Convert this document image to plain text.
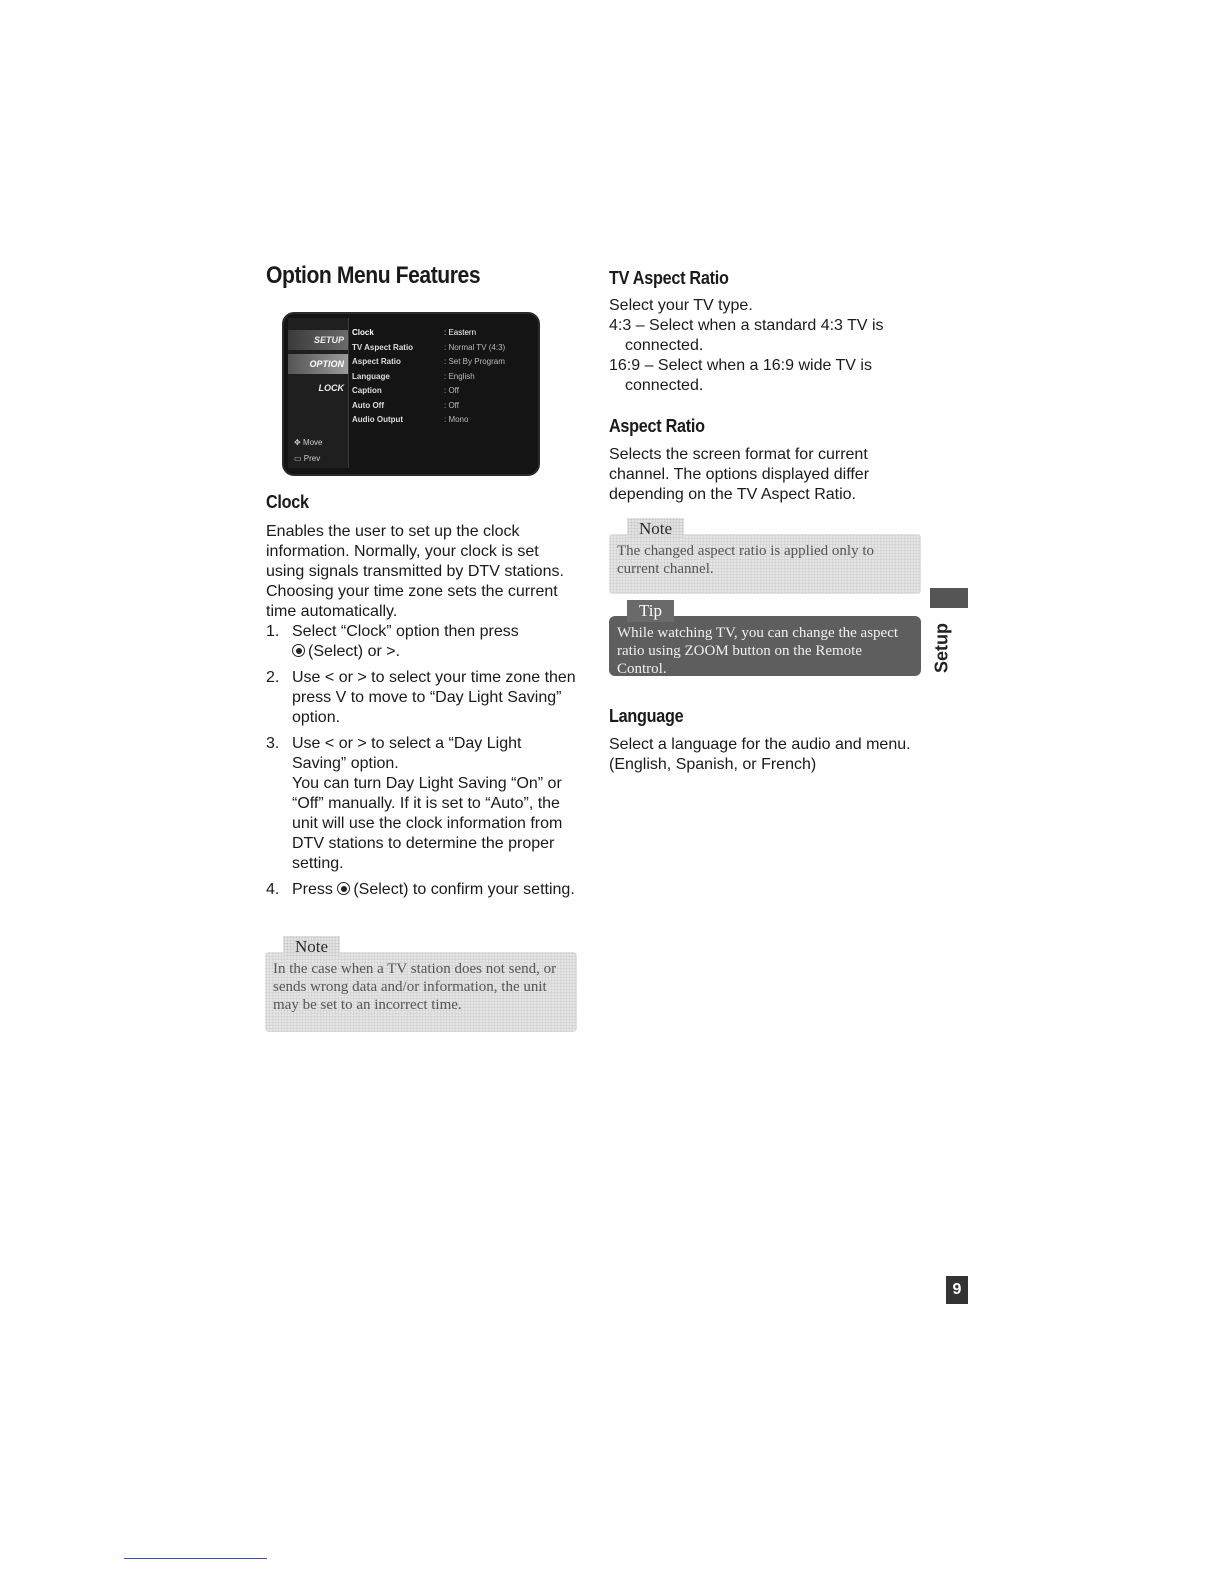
Option Menu Features
SETUP
OPTION
LOCK
✥ Move
▭ Prev
Clock	: Eastern
TV Aspect Ratio	: Normal TV (4:3)
Aspect Ratio	: Set By Program
Language	: English
Caption	: Off
Auto Off	: Off
Audio Output	: Mono
Clock
Enables the user to set up the clock information. Normally, your clock is set using signals transmitted by DTV stations. Choosing your time zone sets the current time automatically.
1. Select “Clock” option then press
(Select) or >.
2. Use < or > to select your time zone then press V to move to “Day Light Saving” option.
3. Use < or > to select a “Day Light Saving” option.
You can turn Day Light Saving “On” or “Off” manually. If it is set to “Auto”, the unit will use the clock information from DTV stations to determine the proper setting.
4. Press (Select) to confirm your setting.
In the case when a TV station does not send, or sends wrong data and/or information, the unit may be set to an incorrect time.
Note
TV Aspect Ratio
Select your TV type.
4:3 – Select when a standard 4:3 TV is connected.
16:9 – Select when a 16:9 wide TV is connected.
Aspect Ratio
Selects the screen format for current channel. The options displayed differ depending on the TV Aspect Ratio.
The changed aspect ratio is applied only to current channel.
Note
While watching TV, you can change the aspect ratio using ZOOM button on the Remote Control.
Tip
Language
Select a language for the audio and menu. (English, Spanish, or French)
Setup
9
